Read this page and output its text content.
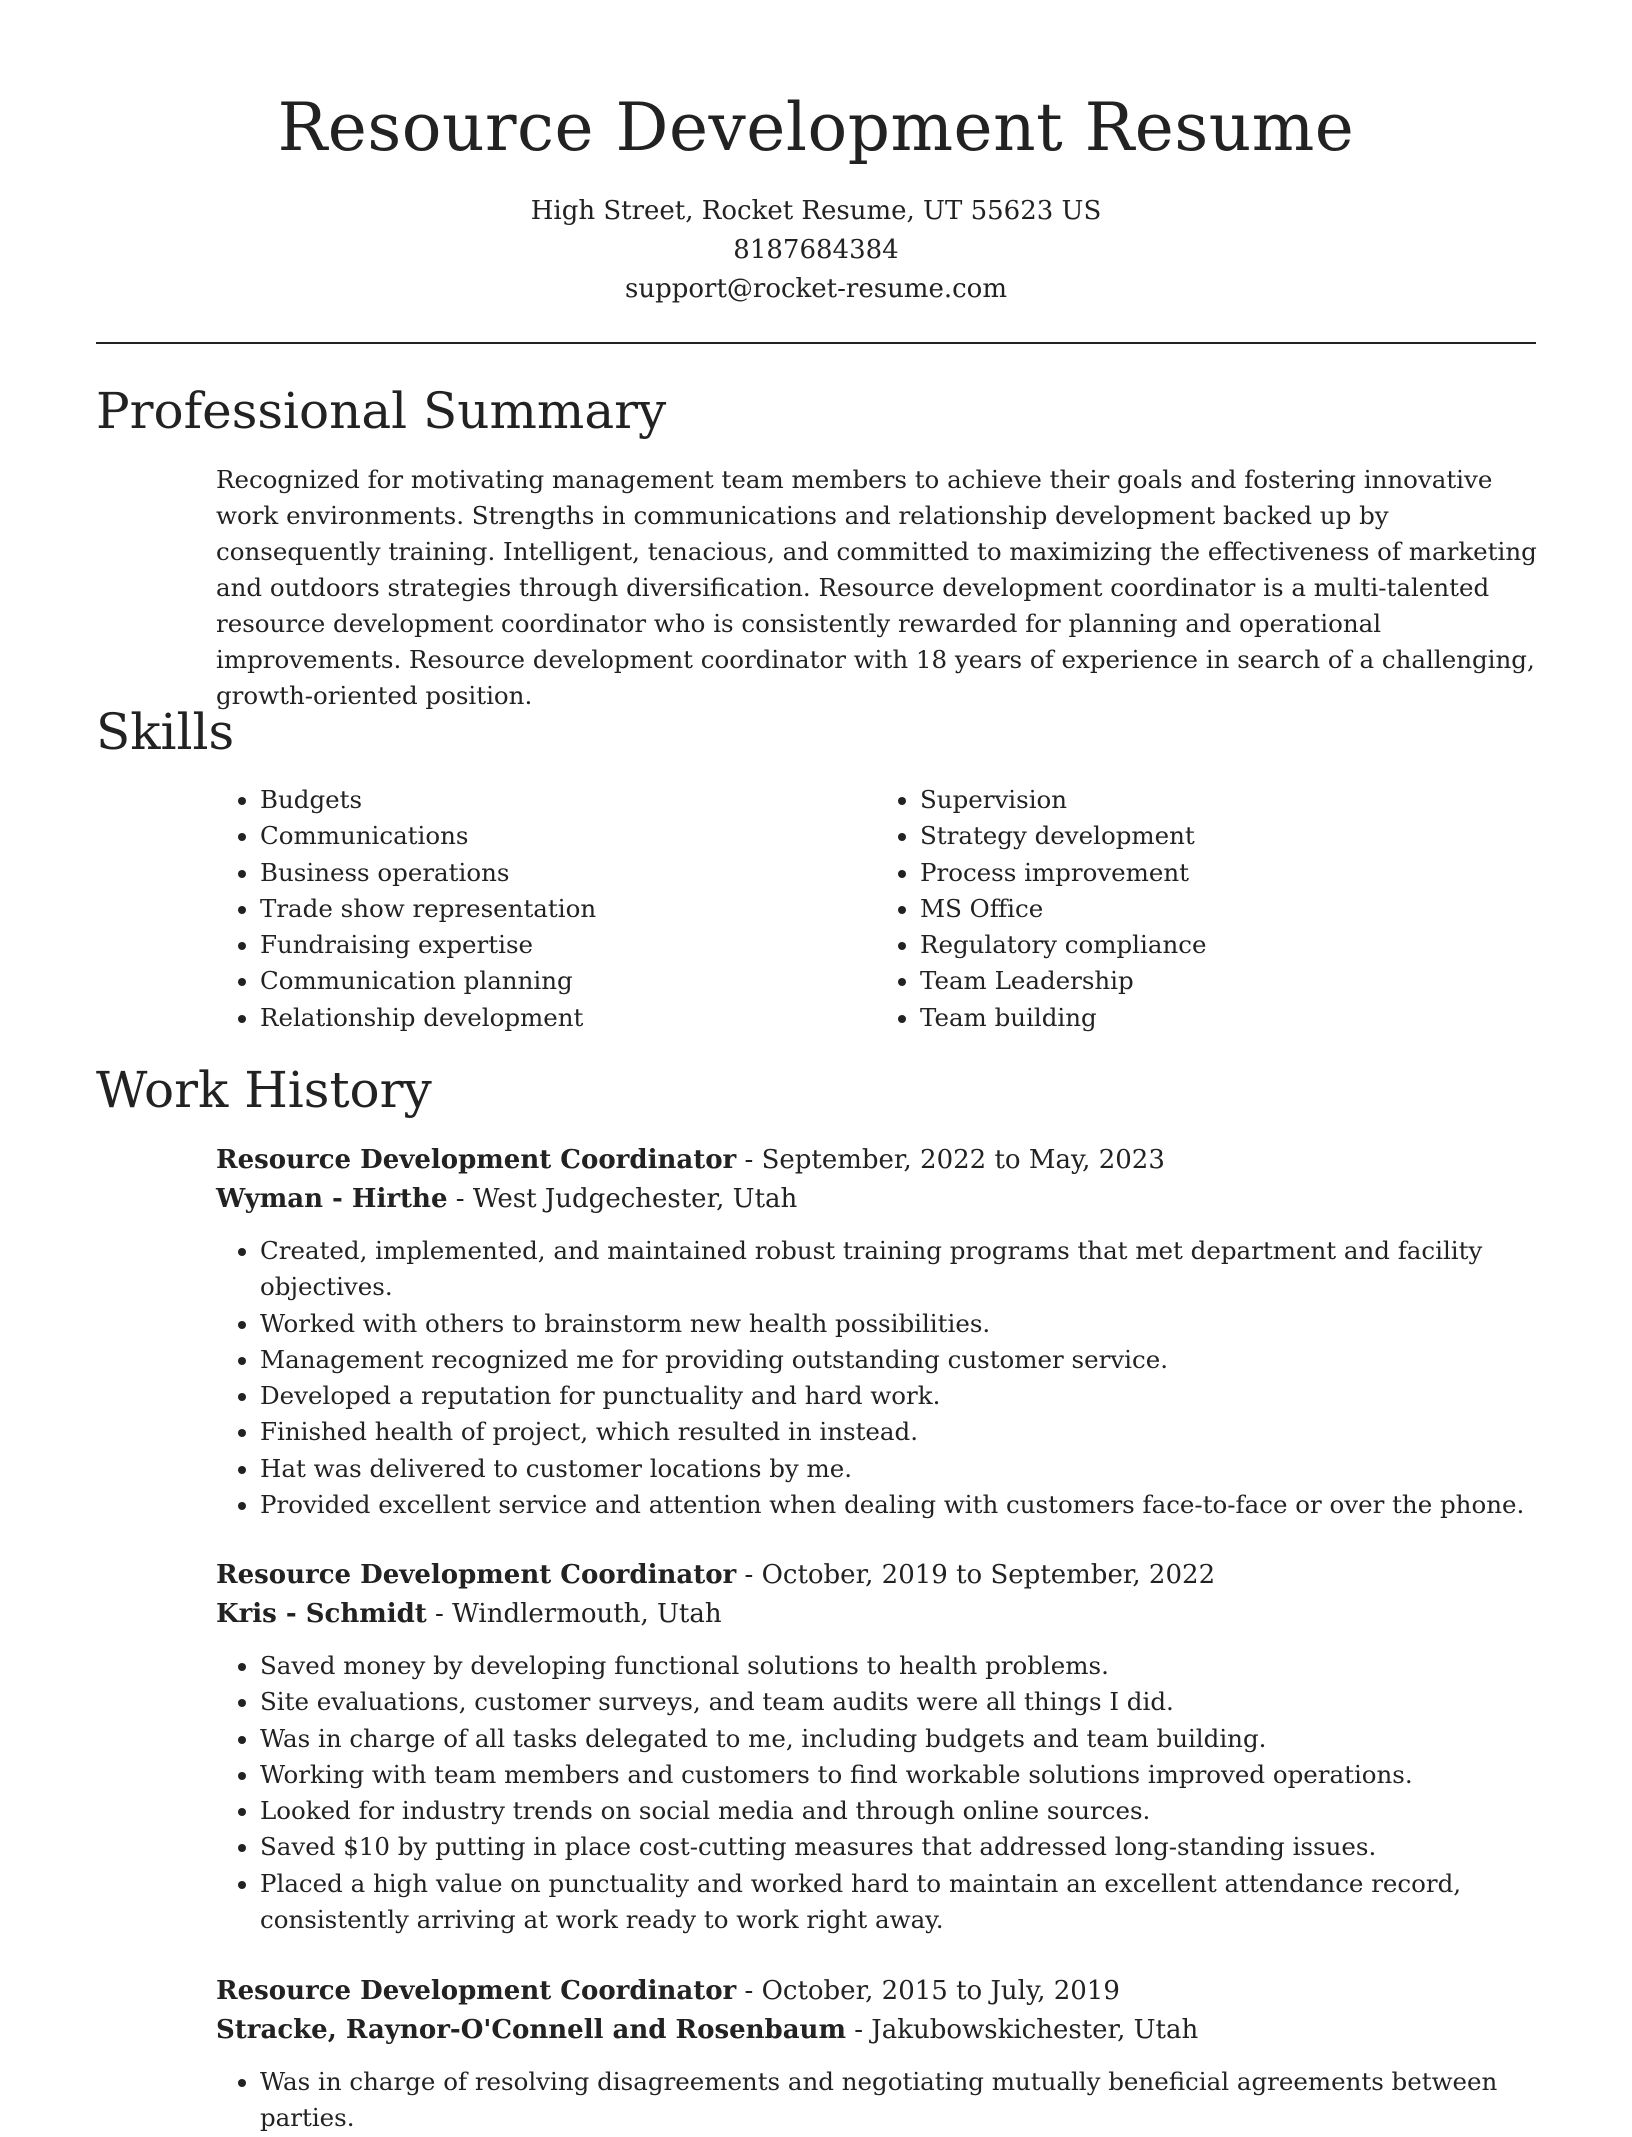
Resource Development Resume
High Street, Rocket Resume, UT 55623 US
8187684384
support@rocket-resume.com
Professional Summary

Recognized for motivating management team members to achieve their goals and fostering innovative work environments. Strengths in communications and relationship development backed up by consequently training. Intelligent, tenacious, and committed to maximizing the effectiveness of marketing and outdoors strategies through diversification. Resource development coordinator is a multi-talented resource development coordinator who is consistently rewarded for planning and operational improvements. Resource development coordinator with 18 years of experience in search of a challenging, growth-oriented position.

Skills
• Budgets
• Communications
• Business operations
• Trade show representation
• Fundraising expertise
• Communication planning
• Relationship development
• Supervision
• Strategy development
• Process improvement
• MS Office
• Regulatory compliance
• Team Leadership
• Team building
Work History
Resource Development Coordinator - September, 2022 to May, 2023
Wyman - Hirthe - West Judgechester, Utah
• Created, implemented, and maintained robust training programs that met department and facility objectives.
• Worked with others to brainstorm new health possibilities.
• Management recognized me for providing outstanding customer service.
• Developed a reputation for punctuality and hard work.
• Finished health of project, which resulted in instead.
• Hat was delivered to customer locations by me.
• Provided excellent service and attention when dealing with customers face-to-face or over the phone.
Resource Development Coordinator - October, 2019 to September, 2022
Kris - Schmidt - Windlermouth, Utah
• Saved money by developing functional solutions to health problems.
• Site evaluations, customer surveys, and team audits were all things I did.
• Was in charge of all tasks delegated to me, including budgets and team building.
• Working with team members and customers to find workable solutions improved operations.
• Looked for industry trends on social media and through online sources.
• Saved $10 by putting in place cost-cutting measures that addressed long-standing issues.
• Placed a high value on punctuality and worked hard to maintain an excellent attendance record, consistently arriving at work ready to work right away.
Resource Development Coordinator - October, 2015 to July, 2019
Stracke, Raynor-O'Connell and Rosenbaum - Jakubowskichester, Utah
• Was in charge of resolving disagreements and negotiating mutually beneficial agreements between parties.
